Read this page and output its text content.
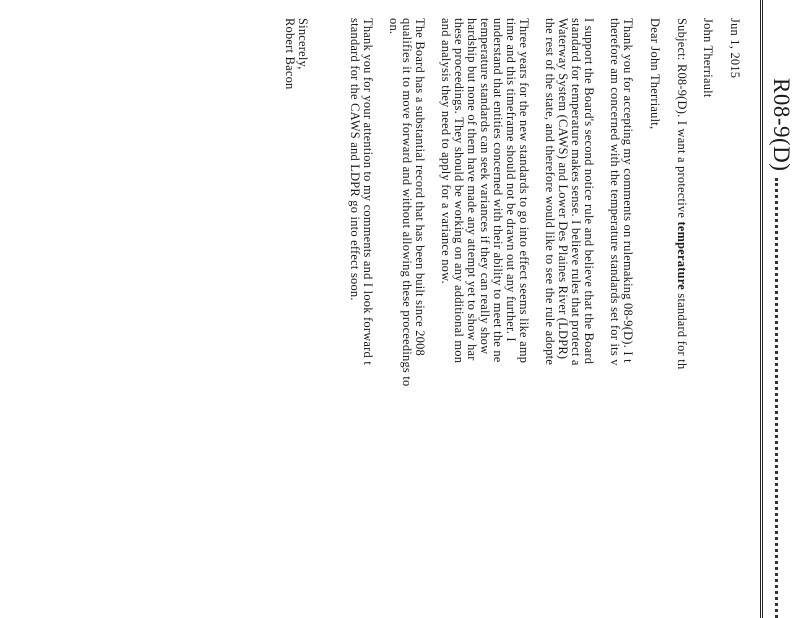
R08-9(D)
Jun 1, 2015
John Therriault
Subject: R08-9(D). I want a protective temperature standard for th
Dear John Therriault,
Thank you for accepting my comments on rulemaking 08-9(D). I t
therefore am concerned with the temperature standards set for its v
I support the Board's second notice rule and believe that the Board
standard for temperature makes sense. I believe rules that protect a
Waterway System (CAWS) and Lower Des Plaines River (LDPR)
the rest of the state, and therefore would like to see the rule adopte
Three years for the new standards to go into effect seems like amp
time and this timeframe should not be drawn out any further. I
understand that entities concerned with their ability to meet the ne
temperature standards can seek variances if they can really show
hardship but none of them have made any attempt yet to show har
these proceedings. They should be working on any additional mon
and analysis they need to apply for a variance now.
The Board has a substantial record that has been built since 2008
qualifies it to move forward and without allowing these proceedings to
on.
Thank you for your attention to my comments and I look forward t
standard for the CAWS and LDPR go into effect soon.
Sincerely,
Robert Bacon
